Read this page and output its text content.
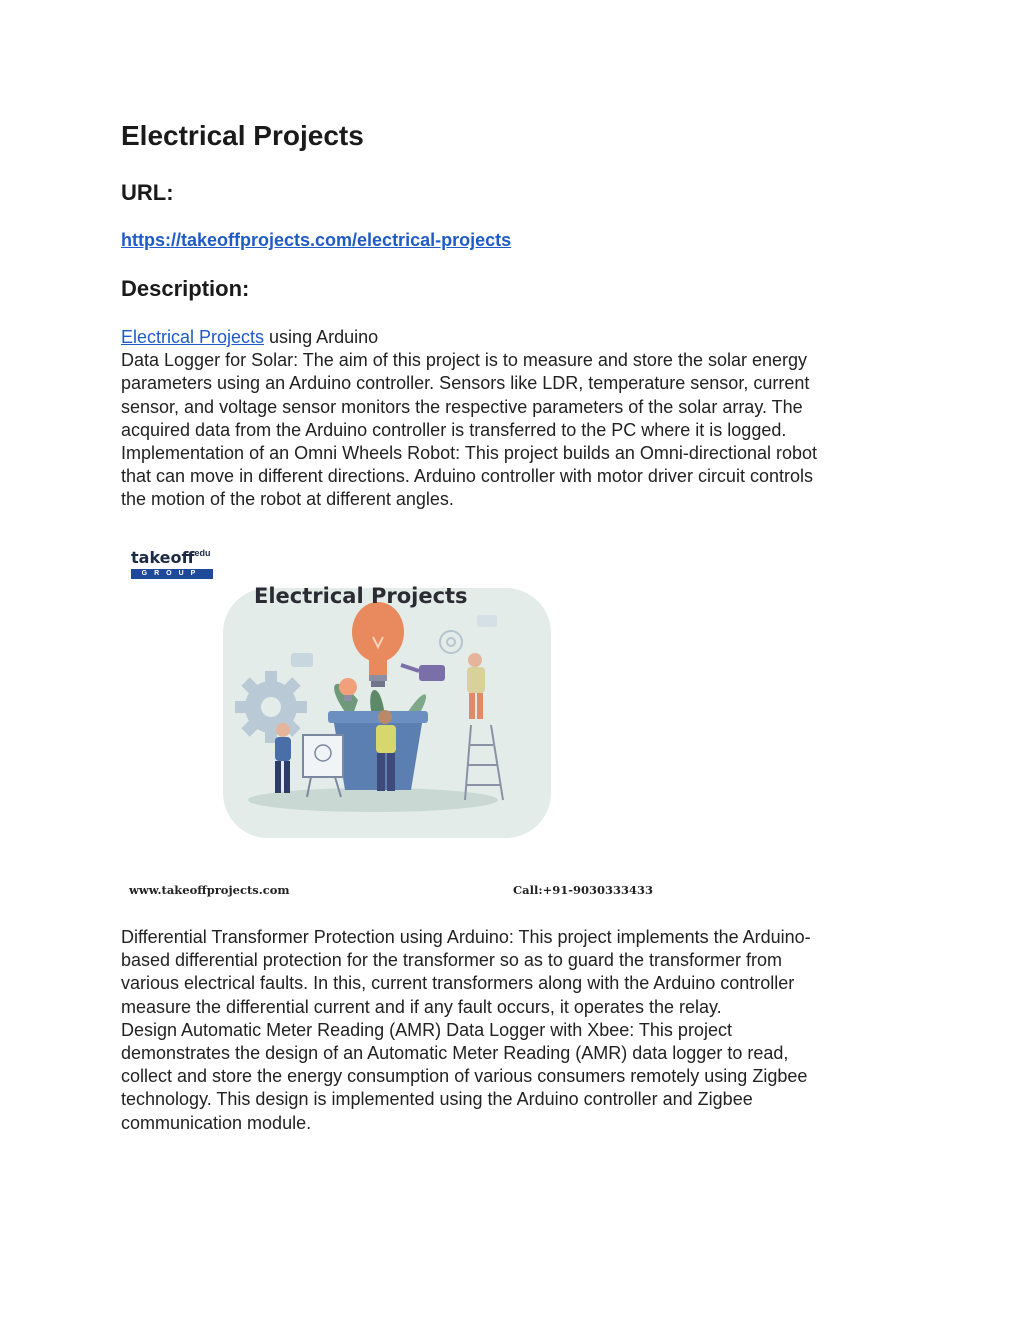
Electrical Projects
URL:
https://takeoffprojects.com/electrical-projects
Description:

Electrical Projects using Arduino
Data Logger for Solar: The aim of this project is to measure and store the solar energy
parameters using an Arduino controller. Sensors like LDR, temperature sensor, current
sensor, and voltage sensor monitors the respective parameters of the solar array. The
acquired data from the Arduino controller is transferred to the PC where it is logged.
Implementation of an Omni Wheels Robot: This project builds an Omni-directional robot
that can move in different directions. Arduino controller with motor driver circuit controls
the motion of the robot at different angles.

Differential Transformer Protection using Arduino: This project implements the Arduino-
based differential protection for the transformer so as to guard the transformer from
various electrical faults. In this, current transformers along with the Arduino controller
measure the differential current and if any fault occurs, it operates the relay.
Design Automatic Meter Reading (AMR) Data Logger with Xbee: This project
demonstrates the design of an Automatic Meter Reading (AMR) data logger to read,
collect and store the energy consumption of various consumers remotely using Zigbee
technology. This design is implemented using the Arduino controller and Zigbee
communication module.

takeoff$^{edu}$
GROUP
Electrical Projects
www.takeoffprojects.com	Call:+91-9030333433
